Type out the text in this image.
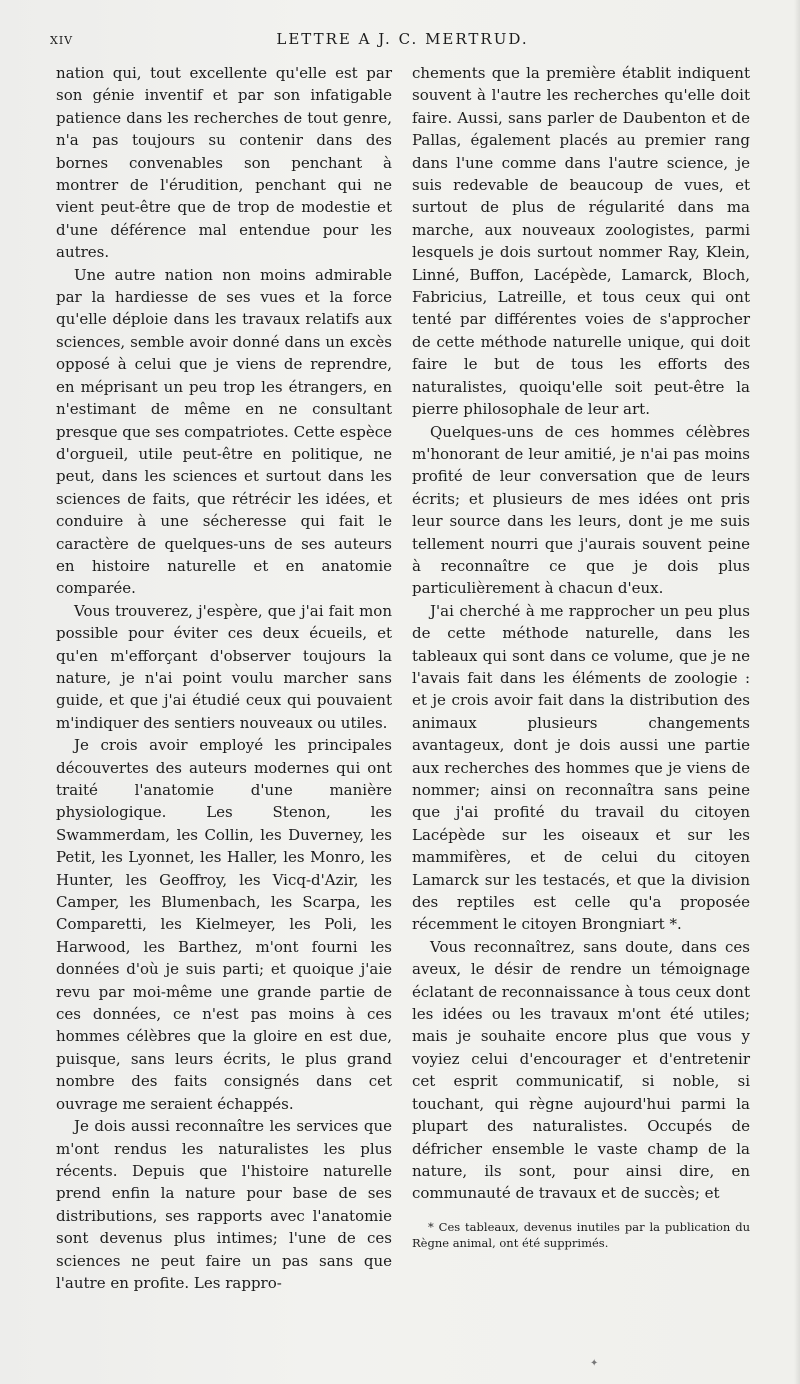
XIV	LETTRE A J. C. MERTRUD.

nation qui, tout excellente qu'elle est par son génie inventif et par son infatigable patience dans les recherches de tout genre, n'a pas toujours su contenir dans des bornes convenables son penchant à montrer de l'érudition, penchant qui ne vient peut-être que de trop de modestie et d'une déférence mal entendue pour les autres.

Une autre nation non moins admirable par la hardiesse de ses vues et la force qu'elle déploie dans les travaux relatifs aux sciences, semble avoir donné dans un excès opposé à celui que je viens de reprendre, en méprisant un peu trop les étrangers, en n'estimant de même en ne consultant presque que ses compatriotes. Cette espèce d'orgueil, utile peut-être en politique, ne peut, dans les sciences et surtout dans les sciences de faits, que rétrécir les idées, et conduire à une sécheresse qui fait le caractère de quelques-uns de ses auteurs en histoire naturelle et en anatomie comparée.

Vous trouverez, j'espère, que j'ai fait mon possible pour éviter ces deux écueils, et qu'en m'efforçant d'observer toujours la nature, je n'ai point voulu marcher sans guide, et que j'ai étudié ceux qui pouvaient m'indiquer des sentiers nouveaux ou utiles.

Je crois avoir employé les principales découvertes des auteurs modernes qui ont traité l'anatomie d'une manière physiologique. Les Stenon, les Swammerdam, les Collin, les Duverney, les Petit, les Lyonnet, les Haller, les Monro, les Hunter, les Geoffroy, les Vicq-d'Azir, les Camper, les Blumenbach, les Scarpa, les Comparetti, les Kielmeyer, les Poli, les Harwood, les Barthez, m'ont fourni les données d'où je suis parti; et quoique j'aie revu par moi-même une grande partie de ces données, ce n'est pas moins à ces hommes célèbres que la gloire en est due, puisque, sans leurs écrits, le plus grand nombre des faits consignés dans cet ouvrage me seraient échappés.

Je dois aussi reconnaître les services que m'ont rendus les naturalistes les plus récents. Depuis que l'histoire naturelle prend enfin la nature pour base de ses distributions, ses rapports avec l'anatomie sont devenus plus intimes; l'une de ces sciences ne peut faire un pas sans que l'autre en profite. Les rappro-

chements que la première établit indiquent souvent à l'autre les recherches qu'elle doit faire. Aussi, sans parler de Daubenton et de Pallas, également placés au premier rang dans l'une comme dans l'autre science, je suis redevable de beaucoup de vues, et surtout de plus de régularité dans ma marche, aux nouveaux zoologistes, parmi lesquels je dois surtout nommer Ray, Klein, Linné, Buffon, Lacépède, Lamarck, Bloch, Fabricius, Latreille, et tous ceux qui ont tenté par différentes voies de s'approcher de cette méthode naturelle unique, qui doit faire le but de tous les efforts des naturalistes, quoiqu'elle soit peut-être la pierre philosophale de leur art.

Quelques-uns de ces hommes célèbres m'honorant de leur amitié, je n'ai pas moins profité de leur conversation que de leurs écrits; et plusieurs de mes idées ont pris leur source dans les leurs, dont je me suis tellement nourri que j'aurais souvent peine à reconnaître ce que je dois plus particulièrement à chacun d'eux.

J'ai cherché à me rapprocher un peu plus de cette méthode naturelle, dans les tableaux qui sont dans ce volume, que je ne l'avais fait dans les éléments de zoologie : et je crois avoir fait dans la distribution des animaux plusieurs changements avantageux, dont je dois aussi une partie aux recherches des hommes que je viens de nommer; ainsi on reconnaîtra sans peine que j'ai profité du travail du citoyen Lacépède sur les oiseaux et sur les mammifères, et de celui du citoyen Lamarck sur les testacés, et que la division des reptiles est celle qu'a proposée récemment le citoyen Brongniart *.

Vous reconnaîtrez, sans doute, dans ces aveux, le désir de rendre un témoignage éclatant de reconnaissance à tous ceux dont les idées ou les travaux m'ont été utiles; mais je souhaite encore plus que vous y voyiez celui d'encourager et d'entretenir cet esprit communicatif, si noble, si touchant, qui règne aujourd'hui parmi la plupart des naturalistes. Occupés de défricher ensemble le vaste champ de la nature, ils sont, pour ainsi dire, en communauté de travaux et de succès; et

* Ces tableaux, devenus inutiles par la publication du Règne animal, ont été supprimés.
✦
